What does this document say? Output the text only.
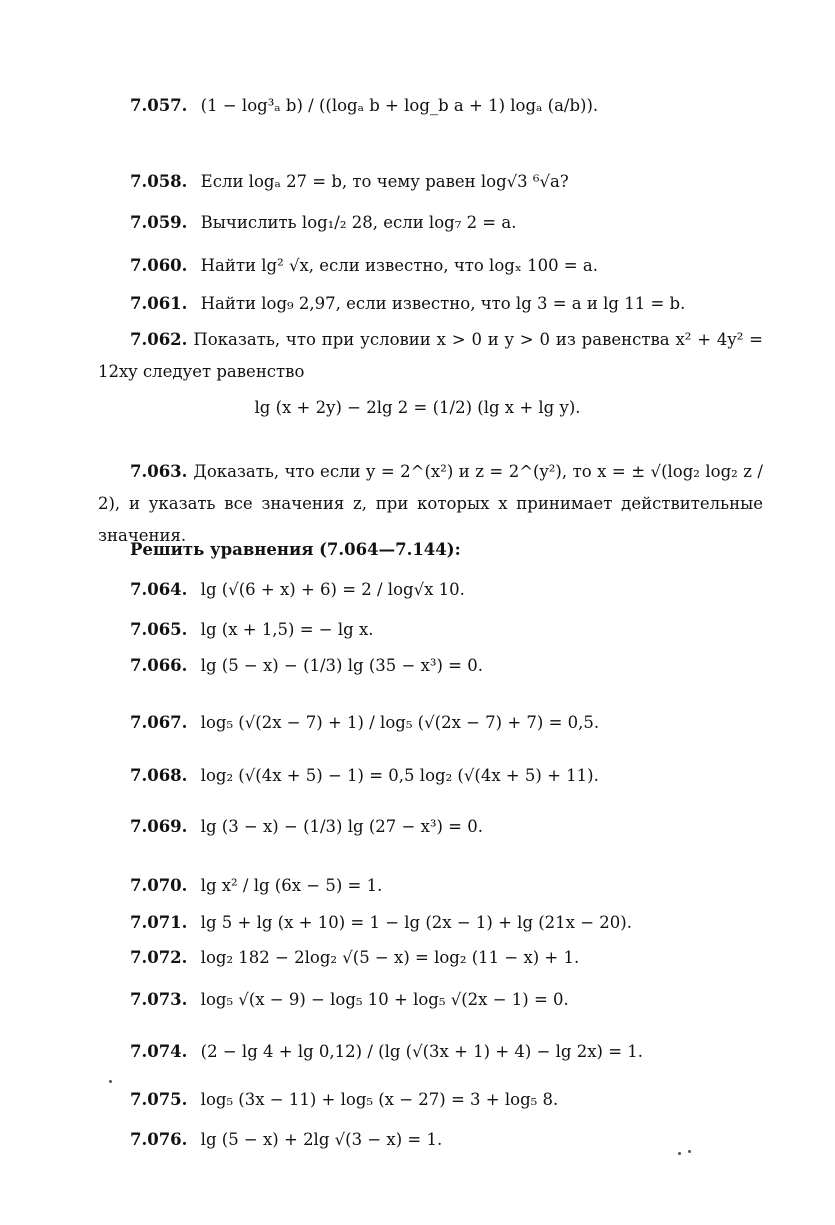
7.057. (1 − log³ₐ b) / ((logₐ b + log_b a + 1) logₐ (a/b)).
7.058. Если logₐ 27 = b, то чему равен log√3 ⁶√a?
7.059. Вычислить log₁/₂ 28, если log₇ 2 = a.
7.060. Найти lg² √x, если известно, что logₓ 100 = a.
7.061. Найти log₉ 2,97, если известно, что lg 3 = a и lg 11 = b.
7.062. Показать, что при условии x > 0 и y > 0 из равенства x² + 4y² = 12xy следует равенство
lg (x + 2y) − 2lg 2 = (1/2) (lg x + lg y).
7.063. Доказать, что если y = 2^(x²) и z = 2^(y²), то x = ± √(log₂ log₂ z / 2), и указать все значения z, при которых x принимает действительные значения.
Решить уравнения (7.064—7.144):
7.064. lg (√(6 + x) + 6) = 2 / log√x 10.
7.065. lg (x + 1,5) = − lg x.
7.066. lg (5 − x) − (1/3) lg (35 − x³) = 0.
7.067. log₅ (√(2x − 7) + 1) / log₅ (√(2x − 7) + 7) = 0,5.
7.068. log₂ (√(4x + 5) − 1) = 0,5 log₂ (√(4x + 5) + 11).
7.069. lg (3 − x) − (1/3) lg (27 − x³) = 0.
7.070. lg x² / lg (6x − 5) = 1.
7.071. lg 5 + lg (x + 10) = 1 − lg (2x − 1) + lg (21x − 20).
7.072. log₂ 182 − 2log₂ √(5 − x) = log₂ (11 − x) + 1.
7.073. log₅ √(x − 9) − log₅ 10 + log₅ √(2x − 1) = 0.
7.074. (2 − lg 4 + lg 0,12) / (lg (√(3x + 1) + 4) − lg 2x) = 1.
7.075. log₅ (3x − 11) + log₅ (x − 27) = 3 + log₅ 8.
7.076. lg (5 − x) + 2lg √(3 − x) = 1.
